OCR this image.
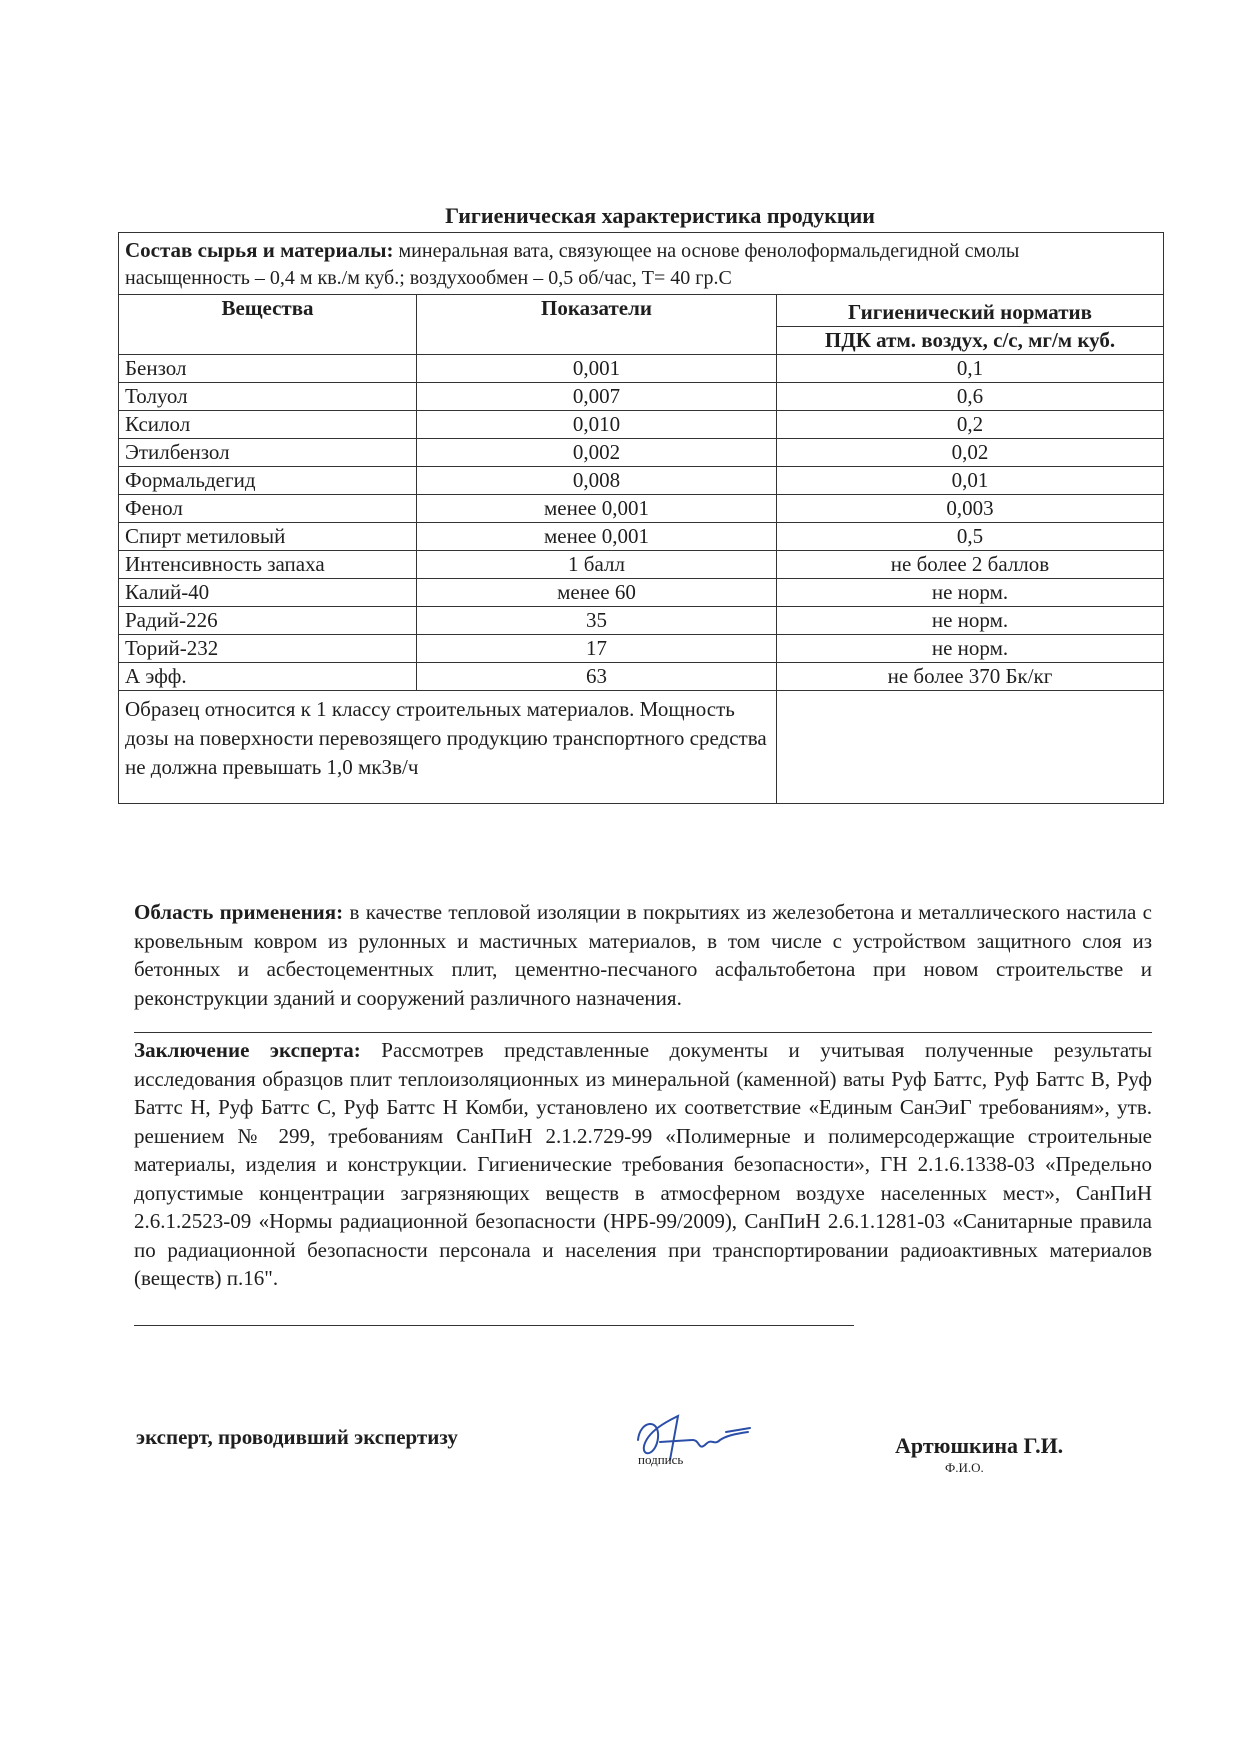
Гигиеническая характеристика продукции
Состав сырья и материалы: минеральная вата, связующее на основе фенолоформальдегидной смолы
насыщенность – 0,4 м кв./м куб.; воздухообмен – 0,5 об/час, Т= 40 гр.С		
Вещества	Показатели	Гигиенический норматив
		ПДК атм. воздух, с/с, мг/м куб.
Бензол	0,001	0,1
Толуол	0,007	0,6
Ксилол	0,010	0,2
Этилбензол	0,002	0,02
Формальдегид	0,008	0,01
Фенол	менее 0,001	0,003
Спирт метиловый	менее 0,001	0,5
Интенсивность запаха	1 балл	не более 2 баллов
Калий-40	менее 60	не норм.
Радий-226	35	не норм.
Торий-232	17	не норм.
А эфф.	63	не более 370 Бк/кг
Образец относится к 1 классу строительных материалов. Мощность дозы на поверхности перевозящего продукцию транспортного средства не должна превышать 1,0 мкЗв/ч		
Область применения: в качестве тепловой изоляции в покрытиях из железобетона и металлического настила с кровельным ковром из рулонных и мастичных материалов, в том числе с устройством защитного слоя из бетонных и асбестоцементных плит, цементно-песчаного асфальтобетона при новом строительстве и реконструкции зданий и сооружений различного назначения.
Заключение эксперта: Рассмотрев представленные документы и учитывая полученные результаты исследования образцов плит теплоизоляционных из минеральной (каменной) ваты Руф Баттс, Руф Баттс В, Руф Баттс Н, Руф Баттс С, Руф Баттс Н Комби, установлено их соответствие «Единым СанЭиГ требованиям», утв. решением № 299, требованиям СанПиН 2.1.2.729-99 «Полимерные и полимерсодержащие строительные материалы, изделия и конструкции. Гигиенические требования безопасности», ГН 2.1.6.1338-03 «Предельно допустимые концентрации загрязняющих веществ в атмосферном воздухе населенных мест», СанПиН 2.6.1.2523-09 «Нормы радиационной безопасности (НРБ-99/2009), СанПиН 2.6.1.1281-03 «Санитарные правила по радиационной безопасности персонала и населения при транспортировании радиоактивных материалов (веществ) п.16".
эксперт, проводивший экспертизу
подпись
Артюшкина Г.И.
Ф.И.О.
